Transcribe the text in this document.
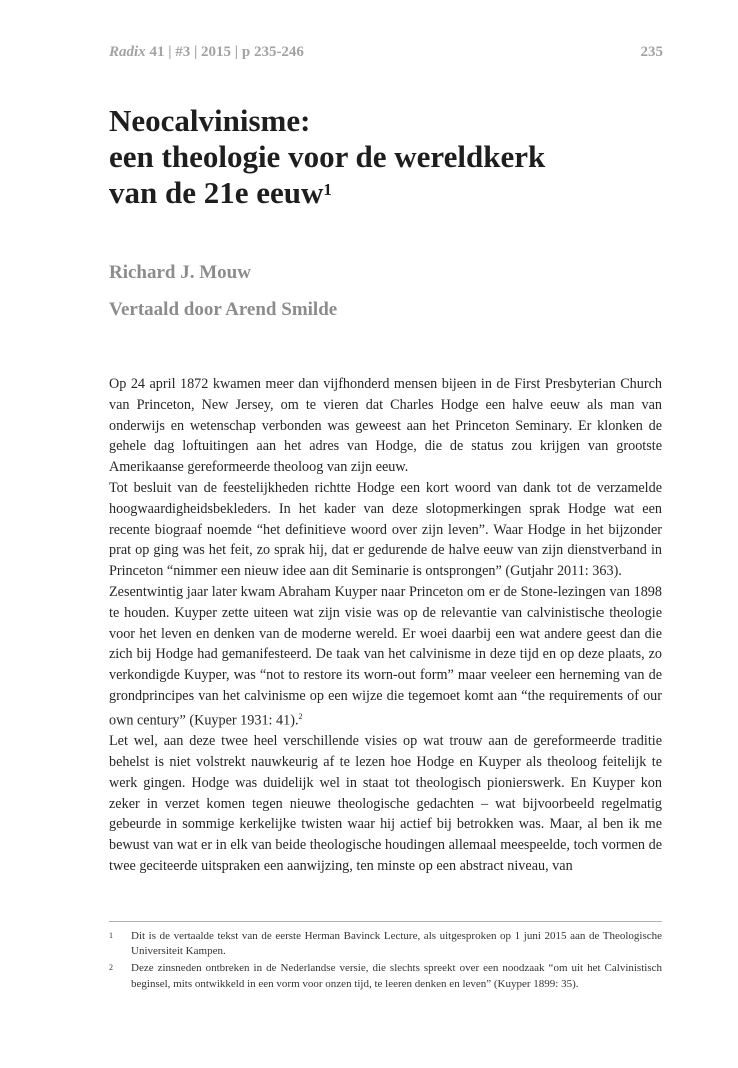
Radix 41 | #3 | 2015 | p 235-246	235
Neocalvinisme:
een theologie voor de wereldkerk
van de 21e eeuw$^1$
Richard J. Mouw
Vertaald door Arend Smilde

Op 24 april 1872 kwamen meer dan vijfhonderd mensen bijeen in de First Presbyterian Church van Princeton, New Jersey, om te vieren dat Charles Hodge een halve eeuw als man van onderwijs en wetenschap verbonden was geweest aan het Princeton Seminary. Er klonken de gehele dag loftuitingen aan het adres van Hodge, die de status zou krijgen van grootste Amerikaanse gereformeerde theoloog van zijn eeuw.

Tot besluit van de feestelijkheden richtte Hodge een kort woord van dank tot de verzamelde hoogwaardigheidsbekleders. In het kader van deze slotopmerkingen sprak Hodge wat een recente biograaf noemde “het definitieve woord over zijn leven”. Waar Hodge in het bijzonder prat op ging was het feit, zo sprak hij, dat er gedurende de halve eeuw van zijn dienstverband in Princeton “nimmer een nieuw idee aan dit Seminarie is ontsprongen” (Gutjahr 2011: 363).

Zesentwintig jaar later kwam Abraham Kuyper naar Princeton om er de Stone-lezingen van 1898 te houden. Kuyper zette uiteen wat zijn visie was op de relevantie van calvinistische theologie voor het leven en denken van de moderne wereld. Er woei daarbij een wat andere geest dan die zich bij Hodge had gemanifesteerd. De taak van het calvinisme in deze tijd en op deze plaats, zo verkondigde Kuyper, was “not to restore its worn-out form” maar veeleer een herneming van de grondprincipes van het calvinisme op een wijze die tegemoet komt aan “the requirements of our own century” (Kuyper 1931: 41).$^2$

Let wel, aan deze twee heel verschillende visies op wat trouw aan de gereformeerde traditie behelst is niet volstrekt nauwkeurig af te lezen hoe Hodge en Kuyper als theoloog feitelijk te werk gingen. Hodge was duidelijk wel in staat tot theologisch pionierswerk. En Kuyper kon zeker in verzet komen tegen nieuwe theologische gedachten – wat bijvoorbeeld regelmatig gebeurde in sommige kerkelijke twisten waar hij actief bij betrokken was. Maar, al ben ik me bewust van wat er in elk van beide theologische houdingen allemaal meespeelde, toch vormen de twee geciteerde uitspraken een aanwijzing, ten minste op een abstract niveau, van

1 Dit is de vertaalde tekst van de eerste Herman Bavinck Lecture, als uitgesproken op 1 juni 2015 aan de Theologische Universiteit Kampen.
2 Deze zinsneden ontbreken in de Nederlandse versie, die slechts spreekt over een noodzaak “om uit het Calvinistisch beginsel, mits ontwikkeld in een vorm voor onzen tijd, te leeren denken en leven” (Kuyper 1899: 35).
